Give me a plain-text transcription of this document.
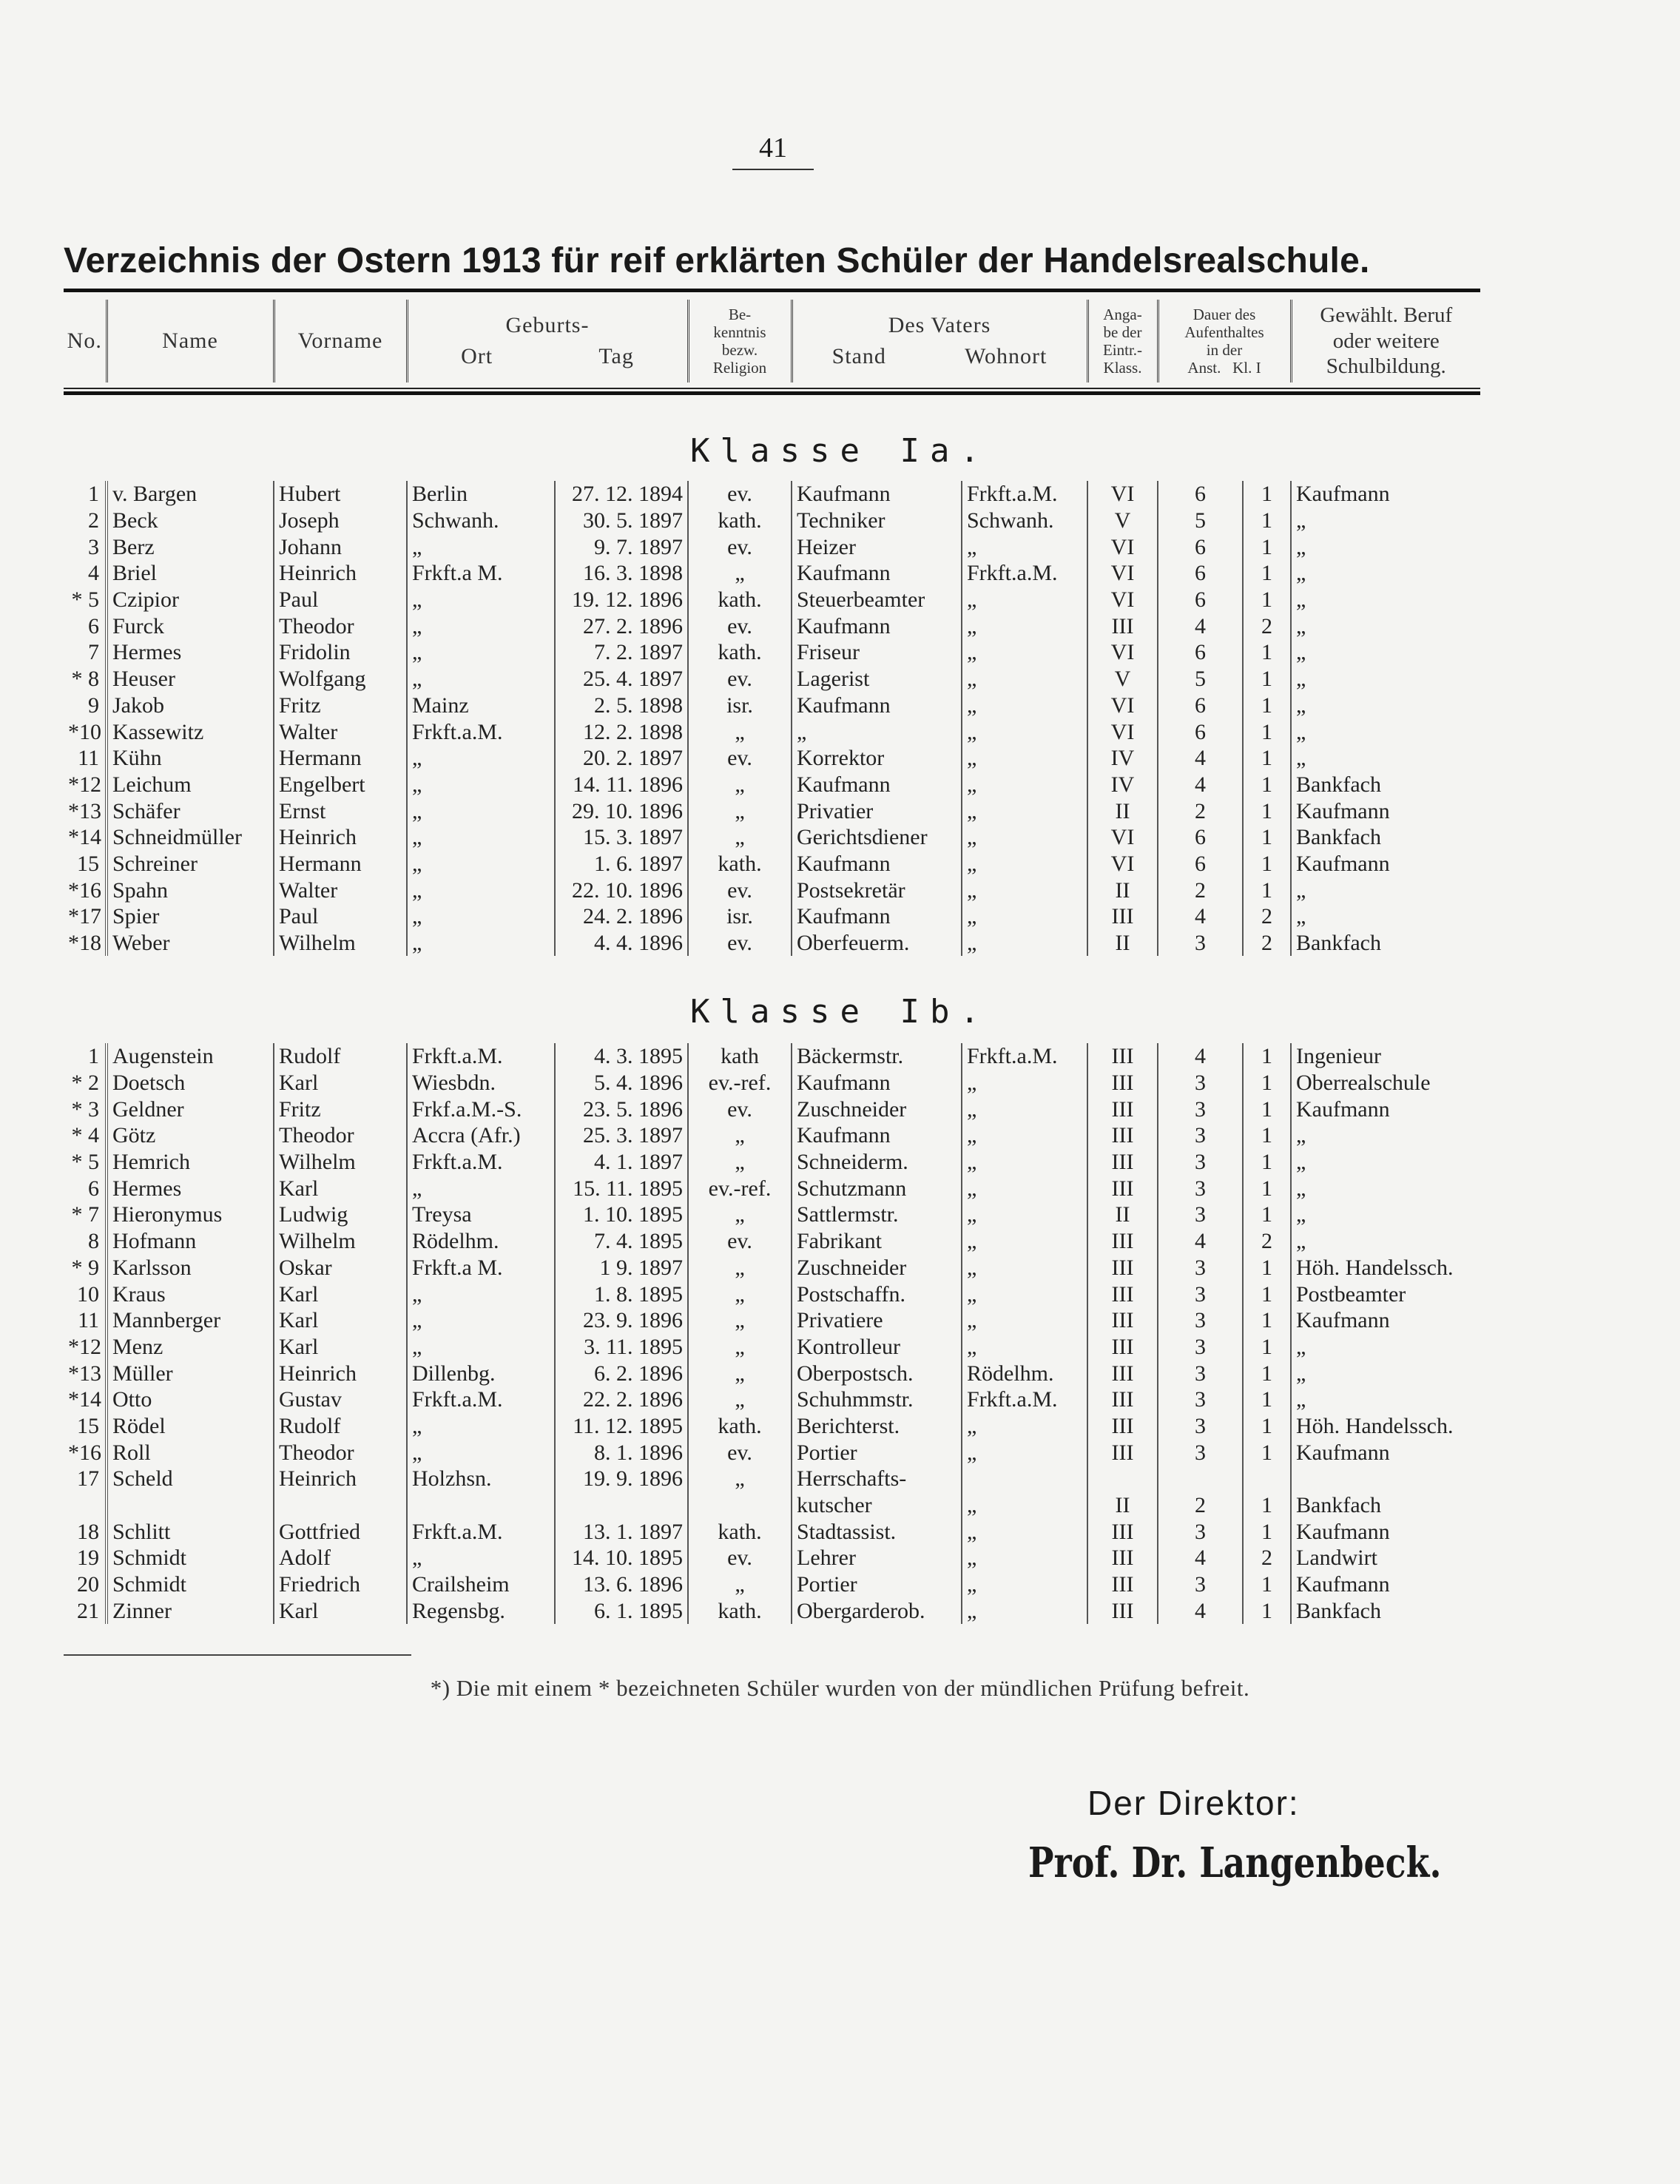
41
Verzeichnis der Ostern 1913 für reif erklärten Schüler der Handelsrealschule.
No.	Name	Vorname	
Geburts-
Ort	Tag

Be-
kenntnis
bezw.
Religion

Des Vaters
Stand	Wohnort

Anga-
be der
Eintr.-
Klass.

Dauer des
Aufenthaltes
in der
Anst. Kl. I

Gewählt. Beruf
oder weitere
Schulbildung.
Klasse Ia.
1	v. Bargen	Hubert	Berlin	27. 12. 1894	ev.	Kaufmann	Frkft.a.M.	VI	6	1	Kaufmann
2	Beck	Joseph	Schwanh.	30. 5. 1897	kath.	Techniker	Schwanh.	V	5	1	„
3	Berz	Johann	„	9. 7. 1897	ev.	Heizer	„	VI	6	1	„
4	Briel	Heinrich	Frkft.a M.	16. 3. 1898	„	Kaufmann	Frkft.a.M.	VI	6	1	„
* 5	Czipior	Paul	„	19. 12. 1896	kath.	Steuerbeamter	„	VI	6	1	„
6	Furck	Theodor	„	27. 2. 1896	ev.	Kaufmann	„	III	4	2	„
7	Hermes	Fridolin	„	7. 2. 1897	kath.	Friseur	„	VI	6	1	„
* 8	Heuser	Wolfgang	„	25. 4. 1897	ev.	Lagerist	„	V	5	1	„
9	Jakob	Fritz	Mainz	2. 5. 1898	isr.	Kaufmann	„	VI	6	1	„
*10	Kassewitz	Walter	Frkft.a.M.	12. 2. 1898	„	„	„	VI	6	1	„
11	Kühn	Hermann	„	20. 2. 1897	ev.	Korrektor	„	IV	4	1	„
*12	Leichum	Engelbert	„	14. 11. 1896	„	Kaufmann	„	IV	4	1	Bankfach
*13	Schäfer	Ernst	„	29. 10. 1896	„	Privatier	„	II	2	1	Kaufmann
*14	Schneidmüller	Heinrich	„	15. 3. 1897	„	Gerichtsdiener	„	VI	6	1	Bankfach
15	Schreiner	Hermann	„	1. 6. 1897	kath.	Kaufmann	„	VI	6	1	Kaufmann
*16	Spahn	Walter	„	22. 10. 1896	ev.	Postsekretär	„	II	2	1	„
*17	Spier	Paul	„	24. 2. 1896	isr.	Kaufmann	„	III	4	2	„
*18	Weber	Wilhelm	„	4. 4. 1896	ev.	Oberfeuerm.	„	II	3	2	Bankfach
Klasse Ib.
1	Augenstein	Rudolf	Frkft.a.M.	4. 3. 1895	kath	Bäckermstr.	Frkft.a.M.	III	4	1	Ingenieur
* 2	Doetsch	Karl	Wiesbdn.	5. 4. 1896	ev.-ref.	Kaufmann	„	III	3	1	Oberrealschule
* 3	Geldner	Fritz	Frkf.a.M.-S.	23. 5. 1896	ev.	Zuschneider	„	III	3	1	Kaufmann
* 4	Götz	Theodor	Accra (Afr.)	25. 3. 1897	„	Kaufmann	„	III	3	1	„
* 5	Hemrich	Wilhelm	Frkft.a.M.	4. 1. 1897	„	Schneiderm.	„	III	3	1	„
6	Hermes	Karl	„	15. 11. 1895	ev.-ref.	Schutzmann	„	III	3	1	„
* 7	Hieronymus	Ludwig	Treysa	1. 10. 1895	„	Sattlermstr.	„	II	3	1	„
8	Hofmann	Wilhelm	Rödelhm.	7. 4. 1895	ev.	Fabrikant	„	III	4	2	„
* 9	Karlsson	Oskar	Frkft.a M.	1 9. 1897	„	Zuschneider	„	III	3	1	Höh. Handelssch.
10	Kraus	Karl	„	1. 8. 1895	„	Postschaffn.	„	III	3	1	Postbeamter
11	Mannberger	Karl	„	23. 9. 1896	„	Privatiere	„	III	3	1	Kaufmann
*12	Menz	Karl	„	3. 11. 1895	„	Kontrolleur	„	III	3	1	„
*13	Müller	Heinrich	Dillenbg.	6. 2. 1896	„	Oberpostsch.	Rödelhm.	III	3	1	„
*14	Otto	Gustav	Frkft.a.M.	22. 2. 1896	„	Schuhmmstr.	Frkft.a.M.	III	3	1	„
15	Rödel	Rudolf	„	11. 12. 1895	kath.	Berichterst.	„	III	3	1	Höh. Handelssch.
*16	Roll	Theodor	„	8. 1. 1896	ev.	Portier	„	III	3	1	Kaufmann
17	Scheld	Heinrich	Holzhsn.	19. 9. 1896	„	Herrschafts-					
						kutscher	„	II	2	1	Bankfach
18	Schlitt	Gottfried	Frkft.a.M.	13. 1. 1897	kath.	Stadtassist.	„	III	3	1	Kaufmann
19	Schmidt	Adolf	„	14. 10. 1895	ev.	Lehrer	„	III	4	2	Landwirt
20	Schmidt	Friedrich	Crailsheim	13. 6. 1896	„	Portier	„	III	3	1	Kaufmann
21	Zinner	Karl	Regensbg.	6. 1. 1895	kath.	Obergarderob.	„	III	4	1	Bankfach
*) Die mit einem * bezeichneten Schüler wurden von der mündlichen Prüfung befreit.
Der Direktor:
Prof. Dr. Langenbeck.
